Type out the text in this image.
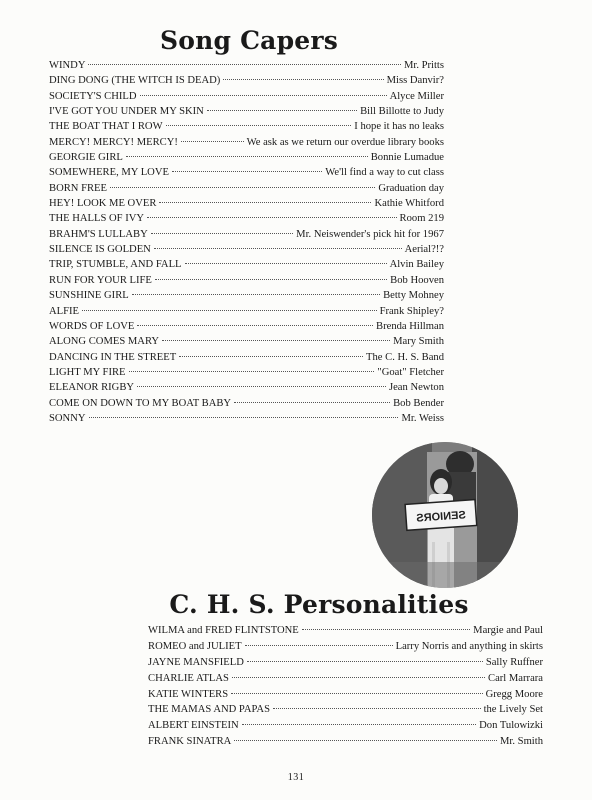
Song Capers
WINDY	Mr. Pritts
DING DONG (THE WITCH IS DEAD)	Miss Danvir?
SOCIETY'S CHILD	Alyce Miller
I'VE GOT YOU UNDER MY SKIN	Bill Billotte to Judy
THE BOAT THAT I ROW	I hope it has no leaks
MERCY! MERCY! MERCY!	We ask as we return our overdue library books
GEORGIE GIRL	Bonnie Lumadue
SOMEWHERE, MY LOVE	We'll find a way to cut class
BORN FREE	Graduation day
HEY! LOOK ME OVER	Kathie Whitford
THE HALLS OF IVY	Room 219
BRAHM'S LULLABY	Mr. Neiswender's pick hit for 1967
SILENCE IS GOLDEN	Aerial?!?
TRIP, STUMBLE, AND FALL	Alvin Bailey
RUN FOR YOUR LIFE	Bob Hooven
SUNSHINE GIRL	Betty Mohney
ALFIE	Frank Shipley?
WORDS OF LOVE	Brenda Hillman
ALONG COMES MARY	Mary Smith
DANCING IN THE STREET	The C. H. S. Band
LIGHT MY FIRE	"Goat" Fletcher
ELEANOR RIGBY	Jean Newton
COME ON DOWN TO MY BOAT BABY	Bob Bender
SONNY	Mr. Weiss
SENIORS
C. H. S. Personalities
WILMA and FRED FLINTSTONE	Margie and Paul
ROMEO and JULIET	Larry Norris and anything in skirts
JAYNE MANSFIELD	Sally Ruffner
CHARLIE ATLAS	Carl Marrara
KATIE WINTERS	Gregg Moore
THE MAMAS AND PAPAS	the Lively Set
ALBERT EINSTEIN	Don Tulowizki
FRANK SINATRA	Mr. Smith
131
